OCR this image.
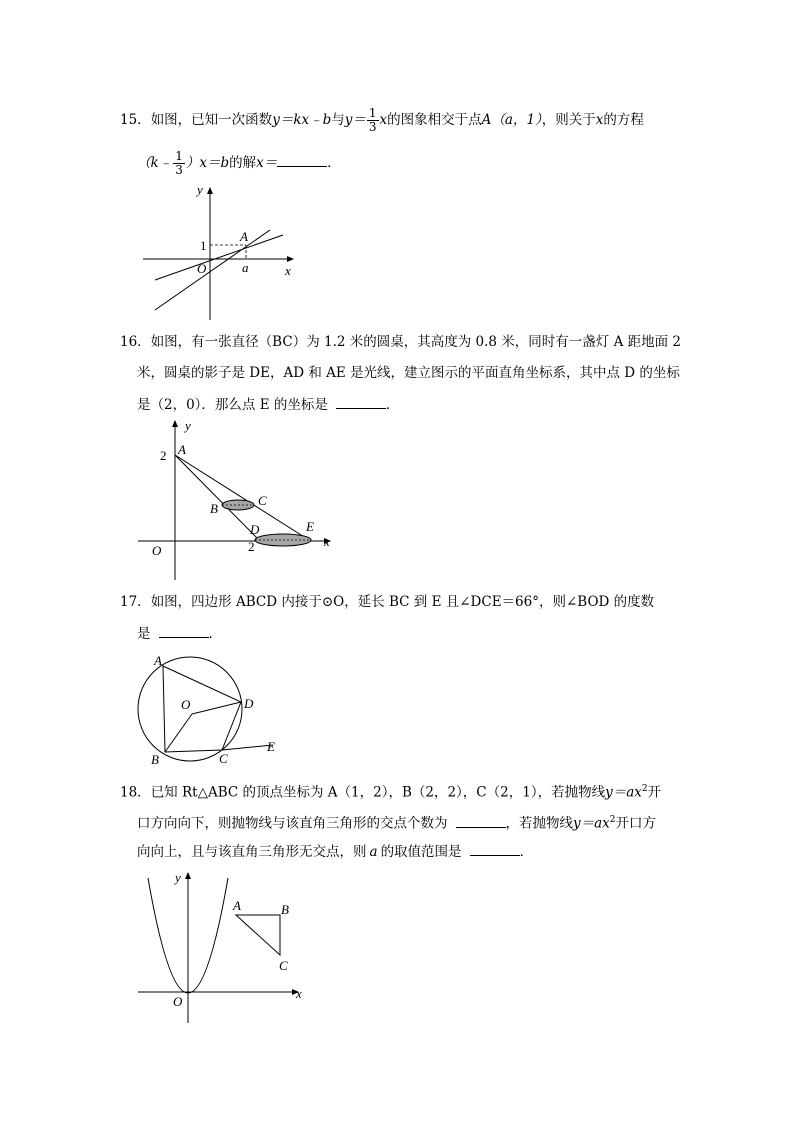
15．如图，已知一次函数y＝kx﹣b与$y= \frac{1}{3}$ x的图象相交于点A（a，1），则关于x的方程
（k﹣ $\frac{1}{3} )x=b$的解x＝	．
y
x
O
A
a
1
16．如图，有一张直径（BC）为 1.2 米的圆桌，其高度为 0.8 米，同时有一盏灯 A 距地面 2
米，圆桌的影子是 DE，AD 和 AE 是光线，建立图示的平面直角坐标系，其中点 D 的坐标
是（2，0）．那么点 E 的坐标是	．
y
x
O
A
B
C
D	E
2
2
17．如图，四边形 ABCD 内接于⊙O，延长 BC 到 E 且∠DCE＝66°，则∠BOD 的度数
是	．
A
B	C
D
E
O
18．已知 Rt△ABC 的顶点坐标为 A（1，2），B（2，2），C（2，1），若抛物线$y=ax^2$开
口方向向下，则抛物线与该直角三角形的交点个数为	，若抛物线$y=ax^2$开口方
向向上，且与该直角三角形无交点，则 a 的取值范围是	．
y
x
O
A	B
C
